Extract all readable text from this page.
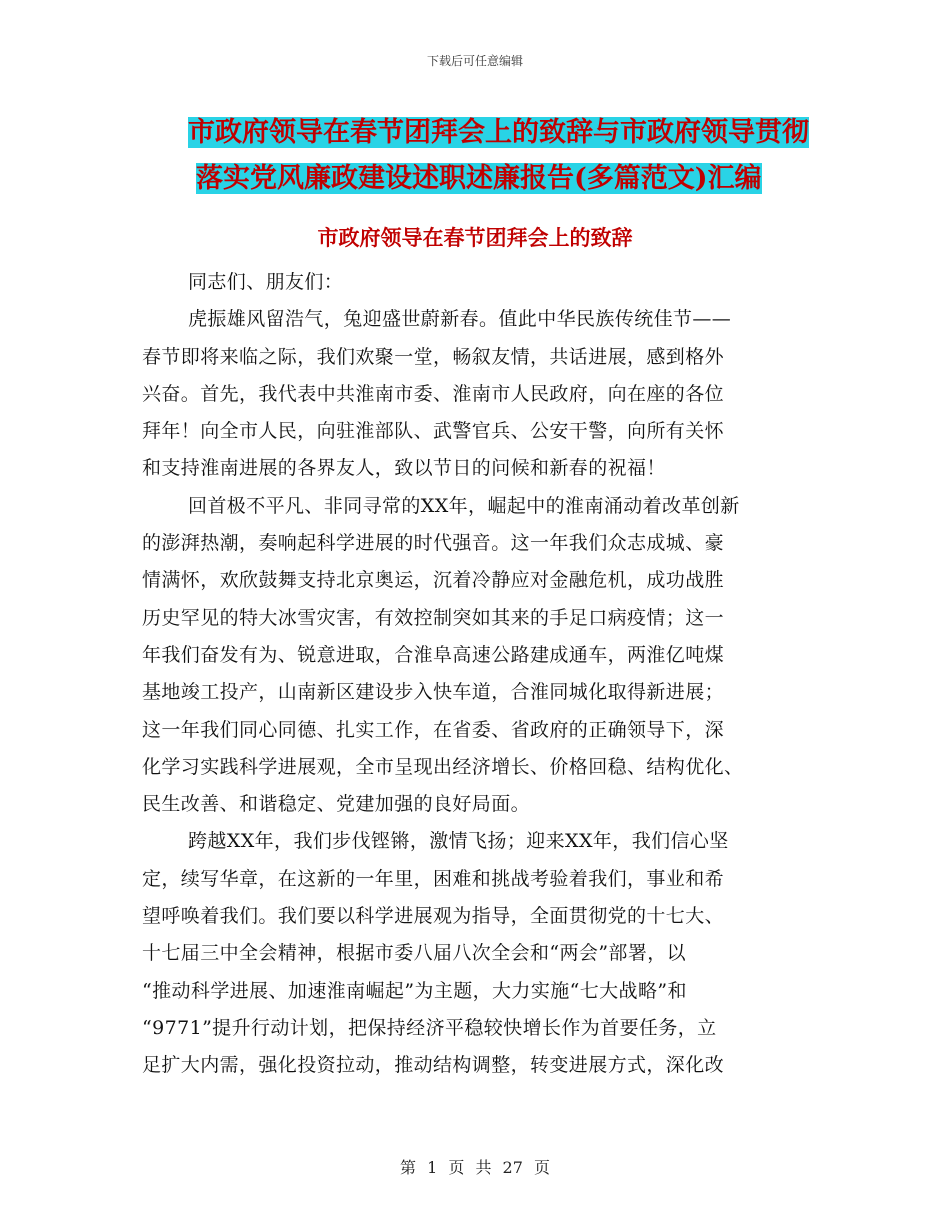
下载后可任意编辑
市政府领导在春节团拜会上的致辞与市政府领导贯彻
落实党风廉政建设述职述廉报告(多篇范文)汇编
市政府领导在春节团拜会上的致辞
同志们、朋友们：
虎振雄风留浩气，兔迎盛世蔚新春。值此中华民族传统佳节——
春节即将来临之际，我们欢聚一堂，畅叙友情，共话进展，感到格外
兴奋。首先，我代表中共淮南市委、淮南市人民政府，向在座的各位
拜年！向全市人民，向驻淮部队、武警官兵、公安干警，向所有关怀
和支持淮南进展的各界友人，致以节日的问候和新春的祝福！
回首极不平凡、非同寻常的XX年，崛起中的淮南涌动着改革创新
的澎湃热潮，奏响起科学进展的时代强音。这一年我们众志成城、豪
情满怀，欢欣鼓舞支持北京奥运，沉着冷静应对金融危机，成功战胜
历史罕见的特大冰雪灾害，有效控制突如其来的手足口病疫情；这一
年我们奋发有为、锐意进取，合淮阜高速公路建成通车，两淮亿吨煤
基地竣工投产，山南新区建设步入快车道，合淮同城化取得新进展；
这一年我们同心同德、扎实工作，在省委、省政府的正确领导下，深
化学习实践科学进展观，全市呈现出经济增长、价格回稳、结构优化、
民生改善、和谐稳定、党建加强的良好局面。
跨越XX年，我们步伐铿锵，激情飞扬；迎来XX年，我们信心坚
定，续写华章，在这新的一年里，困难和挑战考验着我们，事业和希
望呼唤着我们。我们要以科学进展观为指导，全面贯彻党的十七大、
十七届三中全会精神，根据市委八届八次全会和“两会”部署，以
“推动科学进展、加速淮南崛起”为主题，大力实施“七大战略”和
“9771”提升行动计划，把保持经济平稳较快增长作为首要任务，立
足扩大内需，强化投资拉动，推动结构调整，转变进展方式，深化改
第 1 页 共 27 页
